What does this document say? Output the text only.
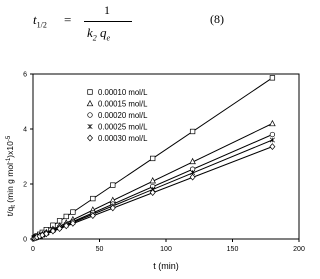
$t_{1/2}$ =
1
$k_2$ $q_e$
(8)
0	50	100	150	200
0
2
4
6
0.00010 mol/L
0.00015 mol/L
0.00020 mol/L
0.00025 mol/L
0.00030 mol/L
t (min)
$t/q_t$ (min g $mol^{-1})x10^{-5}$
